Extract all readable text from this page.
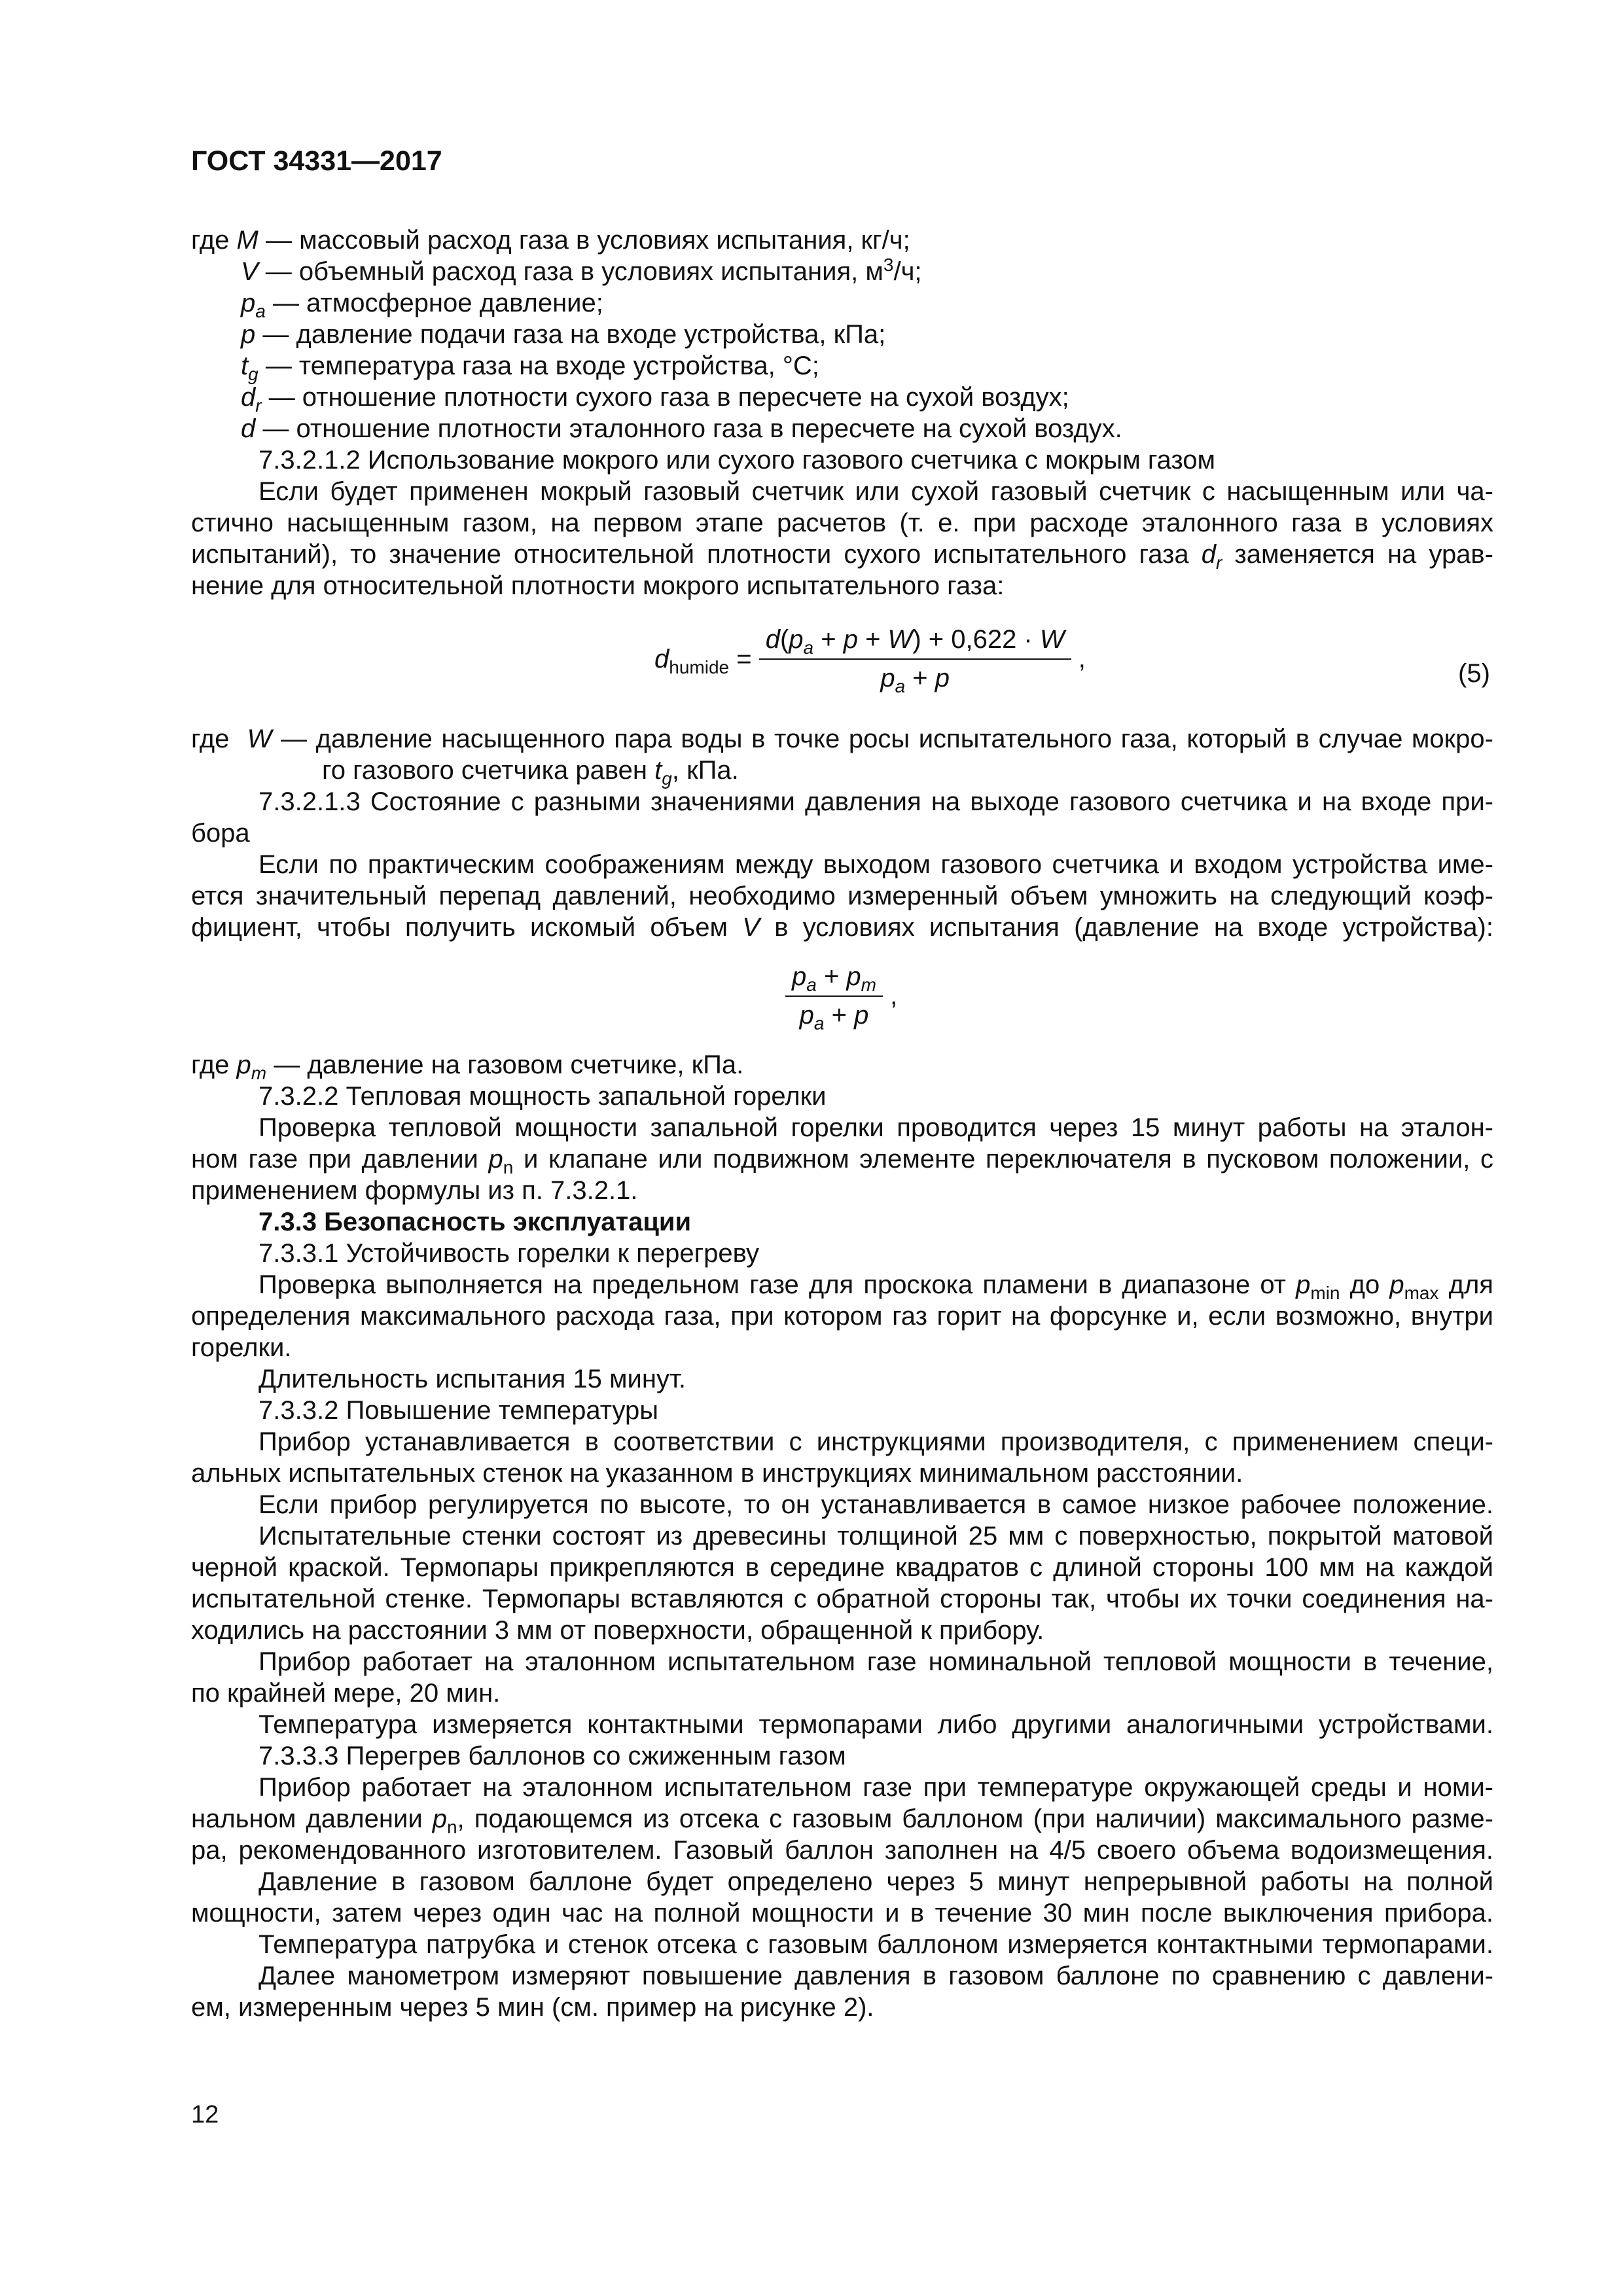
ГОСТ 34331—2017
где M — массовый расход газа в условиях испытания, кг/ч;
V — объемный расход газа в условиях испытания, $м^3/ч$;
$p_a$ — атмосферное давление;
p — давление подачи газа на входе устройства, кПа;
$t_g$ — температура газа на входе устройства, °С;
$d_r$ — отношение плотности сухого газа в пересчете на сухой воздух;
d — отношение плотности эталонного газа в пересчете на сухой воздух.
7.3.2.1.2 Использование мокрого или сухого газового счетчика с мокрым газом
Если будет применен мокрый газовый счетчик или сухой газовый счетчик с насыщенным или ча-
стично насыщенным газом, на первом этапе расчетов (т. е. при расходе эталонного газа в условиях
испытаний), то значение относительной плотности сухого испытательного газа $d_r$ заменяется на урав-
нение для относительной плотности мокрого испытательного газа:
$d_{humide} = \frac{d(p_a + p + W) + 0,622 \cdot W}{p_a + p}$ ,
(5)
где W — давление насыщенного пара воды в точке росы испытательного газа, который в случае мокро-
го газового счетчика равен $t_g$, кПа.
7.3.2.1.3 Состояние с разными значениями давления на выходе газового счетчика и на входе при-
бора
Если по практическим соображениям между выходом газового счетчика и входом устройства име-
ется значительный перепад давлений, необходимо измеренный объем умножить на следующий коэф-
фициент, чтобы получить искомый объем V в условиях испытания (давление на входе устройства):
$\frac{p_a + p_m}{p_a + p}$ ,
где $p_m$ — давление на газовом счетчике, кПа.
7.3.2.2 Тепловая мощность запальной горелки
Проверка тепловой мощности запальной горелки проводится через 15 минут работы на эталон-
ном газе при давлении $p_n$ и клапане или подвижном элементе переключателя в пусковом положении, с
применением формулы из п. 7.3.2.1.
7.3.3 Безопасность эксплуатации
7.3.3.1 Устойчивость горелки к перегреву
Проверка выполняется на предельном газе для проскока пламени в диапазоне от $p_{min}$ до $p_{max}$ для
определения максимального расхода газа, при котором газ горит на форсунке и, если возможно, внутри
горелки.
Длительность испытания 15 минут.
7.3.3.2 Повышение температуры
Прибор устанавливается в соответствии с инструкциями производителя, с применением специ-
альных испытательных стенок на указанном в инструкциях минимальном расстоянии.
Если прибор регулируется по высоте, то он устанавливается в самое низкое рабочее положение.
Испытательные стенки состоят из древесины толщиной 25 мм с поверхностью, покрытой матовой
черной краской. Термопары прикрепляются в середине квадратов с длиной стороны 100 мм на каждой
испытательной стенке. Термопары вставляются с обратной стороны так, чтобы их точки соединения на-
ходились на расстоянии 3 мм от поверхности, обращенной к прибору.
Прибор работает на эталонном испытательном газе номинальной тепловой мощности в течение,
по крайней мере, 20 мин.
Температура измеряется контактными термопарами либо другими аналогичными устройствами.
7.3.3.3 Перегрев баллонов со сжиженным газом
Прибор работает на эталонном испытательном газе при температуре окружающей среды и номи-
нальном давлении $p_n$, подающемся из отсека с газовым баллоном (при наличии) максимального разме-
ра, рекомендованного изготовителем. Газовый баллон заполнен на 4/5 своего объема водоизмещения.
Давление в газовом баллоне будет определено через 5 минут непрерывной работы на полной
мощности, затем через один час на полной мощности и в течение 30 мин после выключения прибора.
Температура патрубка и стенок отсека с газовым баллоном измеряется контактными термопарами.
Далее манометром измеряют повышение давления в газовом баллоне по сравнению с давлени-
ем, измеренным через 5 мин (см. пример на рисунке 2).
12
